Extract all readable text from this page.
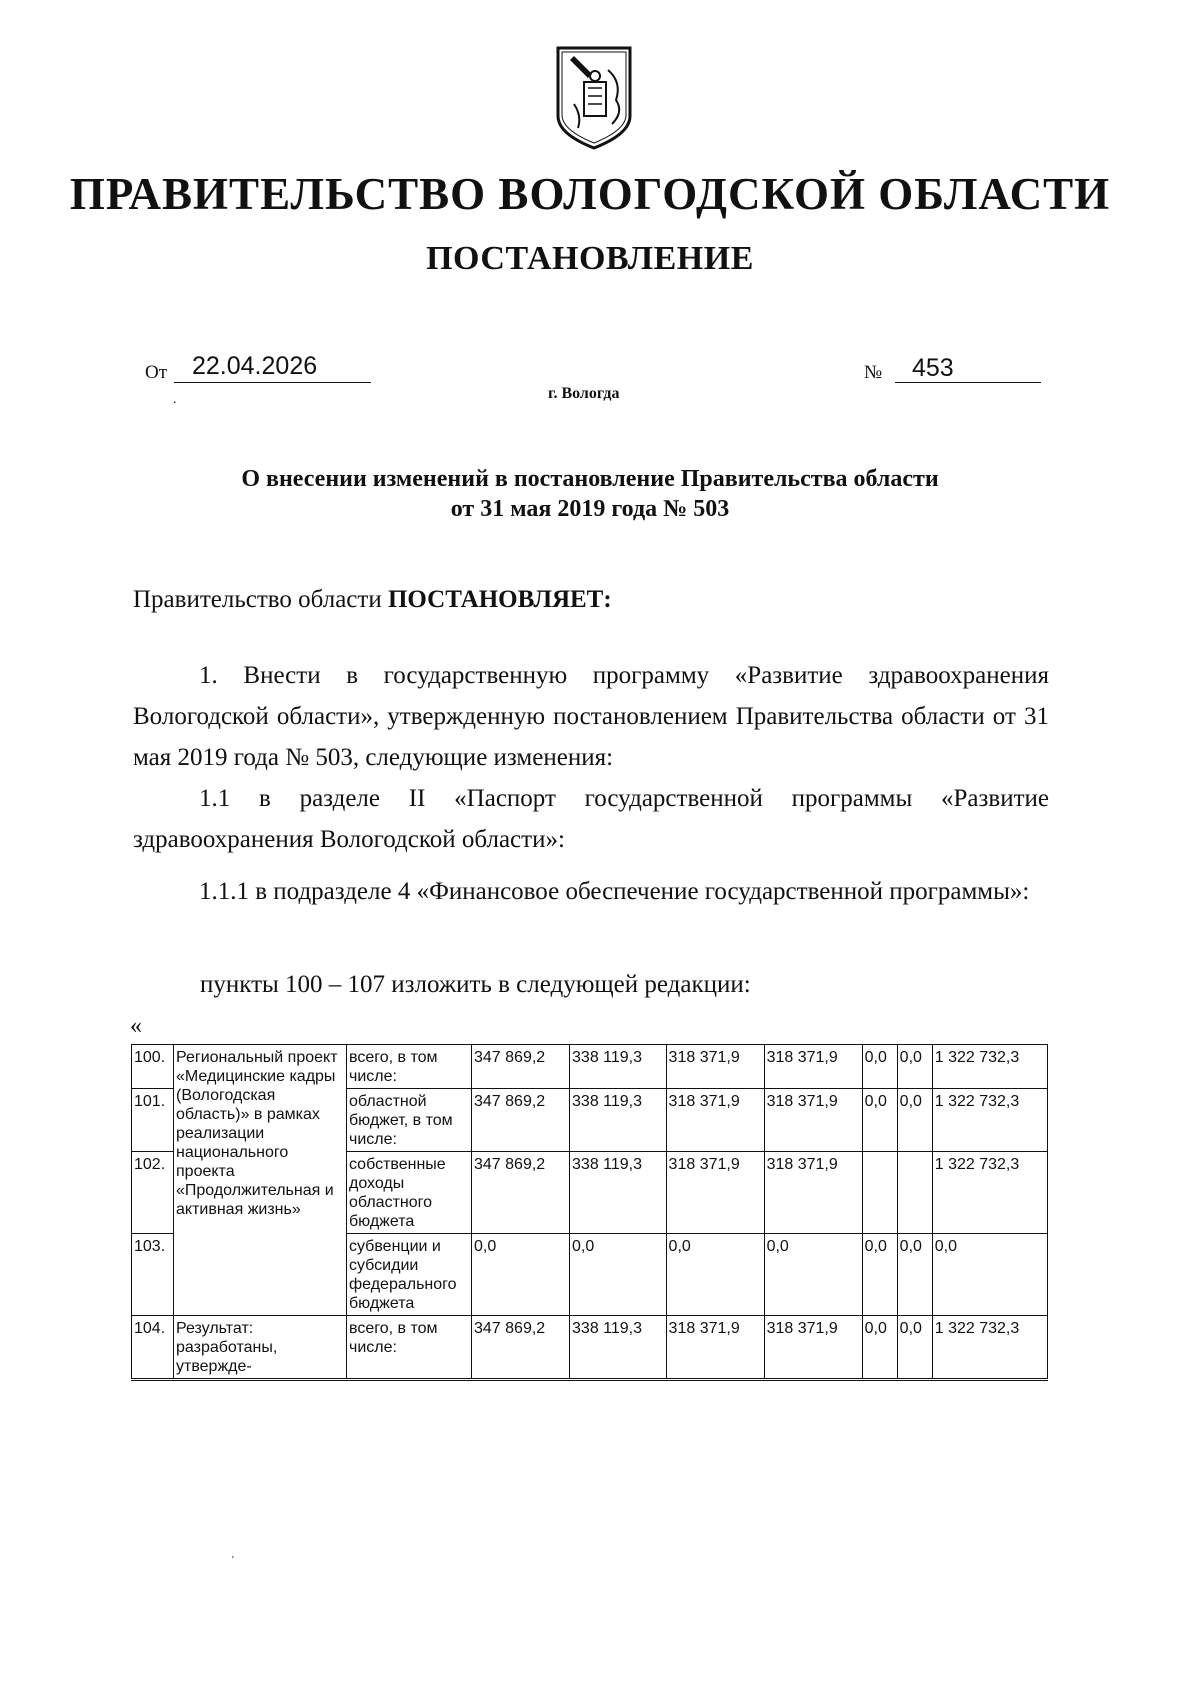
ПРАВИТЕЛЬСТВО ВОЛОГОДСКОЙ ОБЛАСТИ
ПОСТАНОВЛЕНИЕ
От 22.04.2026	№ 453
г. Вологда
.
О внесении изменений в постановление Правительства области
от 31 мая 2019 года № 503
Правительство области ПОСТАНОВЛЯЕТ:
1. Внести в государственную программу «Развитие здравоохранения Вологодской области», утвержденную постановлением Правительства области от 31 мая 2019 года № 503, следующие изменения:
1.1 в разделе II «Паспорт государственной программы «Развитие здравоохранения Вологодской области»:
1.1.1 в подразделе 4 «Финансовое обеспечение государственной программы»:
пункты 100 – 107 изложить в следующей редакции:
«
100.	Региональный проект «Медицинские кадры (Вологодская область)» в рамках реализации национального проекта «Продолжительная и активная жизнь»	всего, в том числе:	347 869,2	338 119,3	318 371,9	318 371,9	0,0	0,0	1 322 732,3
101.		областной бюджет, в том числе:	347 869,2	338 119,3	318 371,9	318 371,9	0,0	0,0	1 322 732,3
102.		собственные доходы областного бюджета	347 869,2	338 119,3	318 371,9	318 371,9			1 322 732,3
103.		субвенции и субсидии федерального бюджета	0,0	0,0	0,0	0,0	0,0	0,0	0,0
104.	Результат: разработаны, утвержде-	всего, в том числе:	347 869,2	338 119,3	318 371,9	318 371,9	0,0	0,0	1 322 732,3
'
